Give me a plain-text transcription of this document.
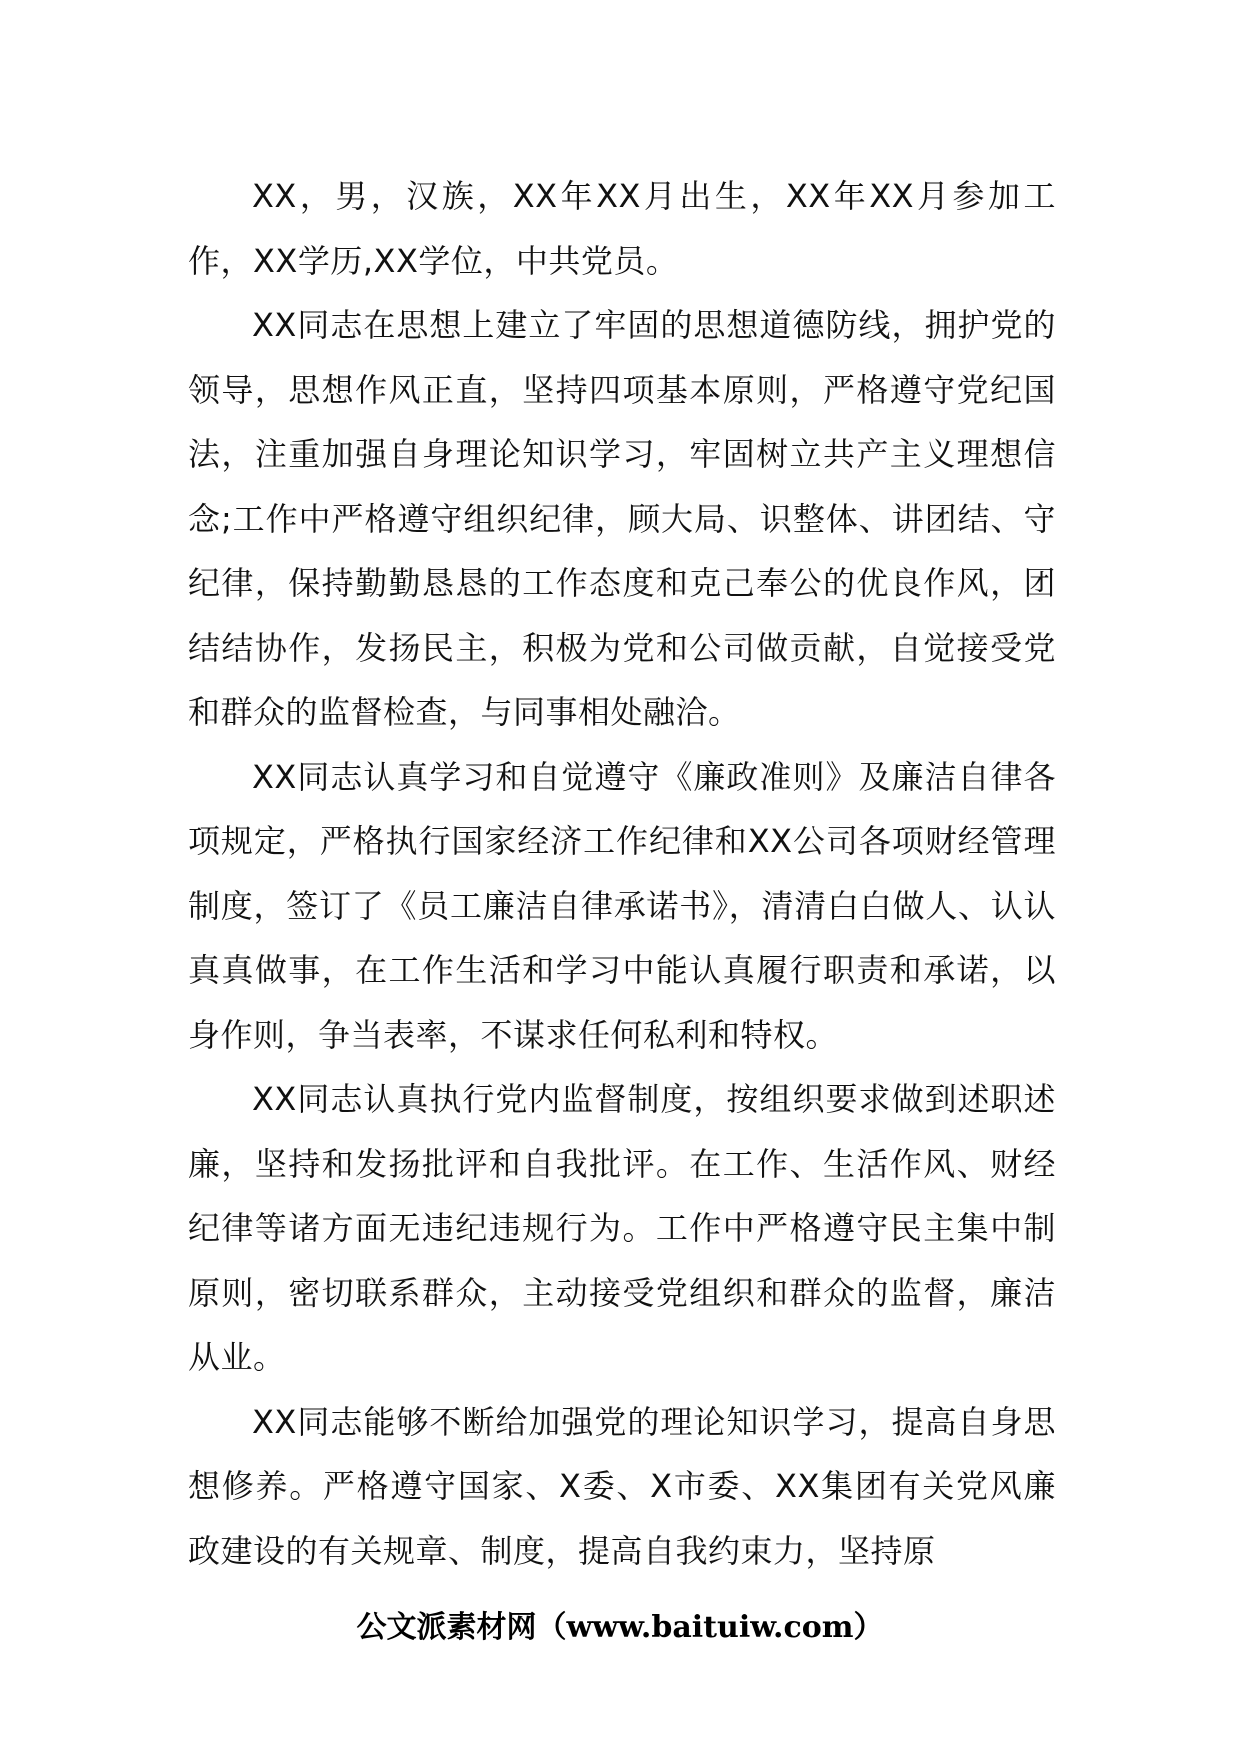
XX，男，汉族，XX年XX月出生，XX年XX月参加工作，XX学历,XX学位，中共党员。

XX同志在思想上建立了牢固的思想道德防线，拥护党的领导，思想作风正直，坚持四项基本原则，严格遵守党纪国法，注重加强自身理论知识学习，牢固树立共产主义理想信念;工作中严格遵守组织纪律，顾大局、识整体、讲团结、守纪律，保持勤勤恳恳的工作态度和克己奉公的优良作风，团结结协作，发扬民主，积极为党和公司做贡献，自觉接受党和群众的监督检查，与同事相处融洽。

XX同志认真学习和自觉遵守《廉政准则》及廉洁自律各项规定，严格执行国家经济工作纪律和XX公司各项财经管理制度，签订了《员工廉洁自律承诺书》，清清白白做人、认认真真做事，在工作生活和学习中能认真履行职责和承诺，以身作则，争当表率，不谋求任何私利和特权。

XX同志认真执行党内监督制度，按组织要求做到述职述廉，坚持和发扬批评和自我批评。在工作、生活作风、财经纪律等诸方面无违纪违规行为。工作中严格遵守民主集中制原则，密切联系群众，主动接受党组织和群众的监督，廉洁从业。

XX同志能够不断给加强党的理论知识学习，提高自身思想修养。严格遵守国家、X委、X市委、XX集团有关党风廉政建设的有关规章、制度，提高自我约束力，坚持原

公文派素材网（www.baituiw.com）
